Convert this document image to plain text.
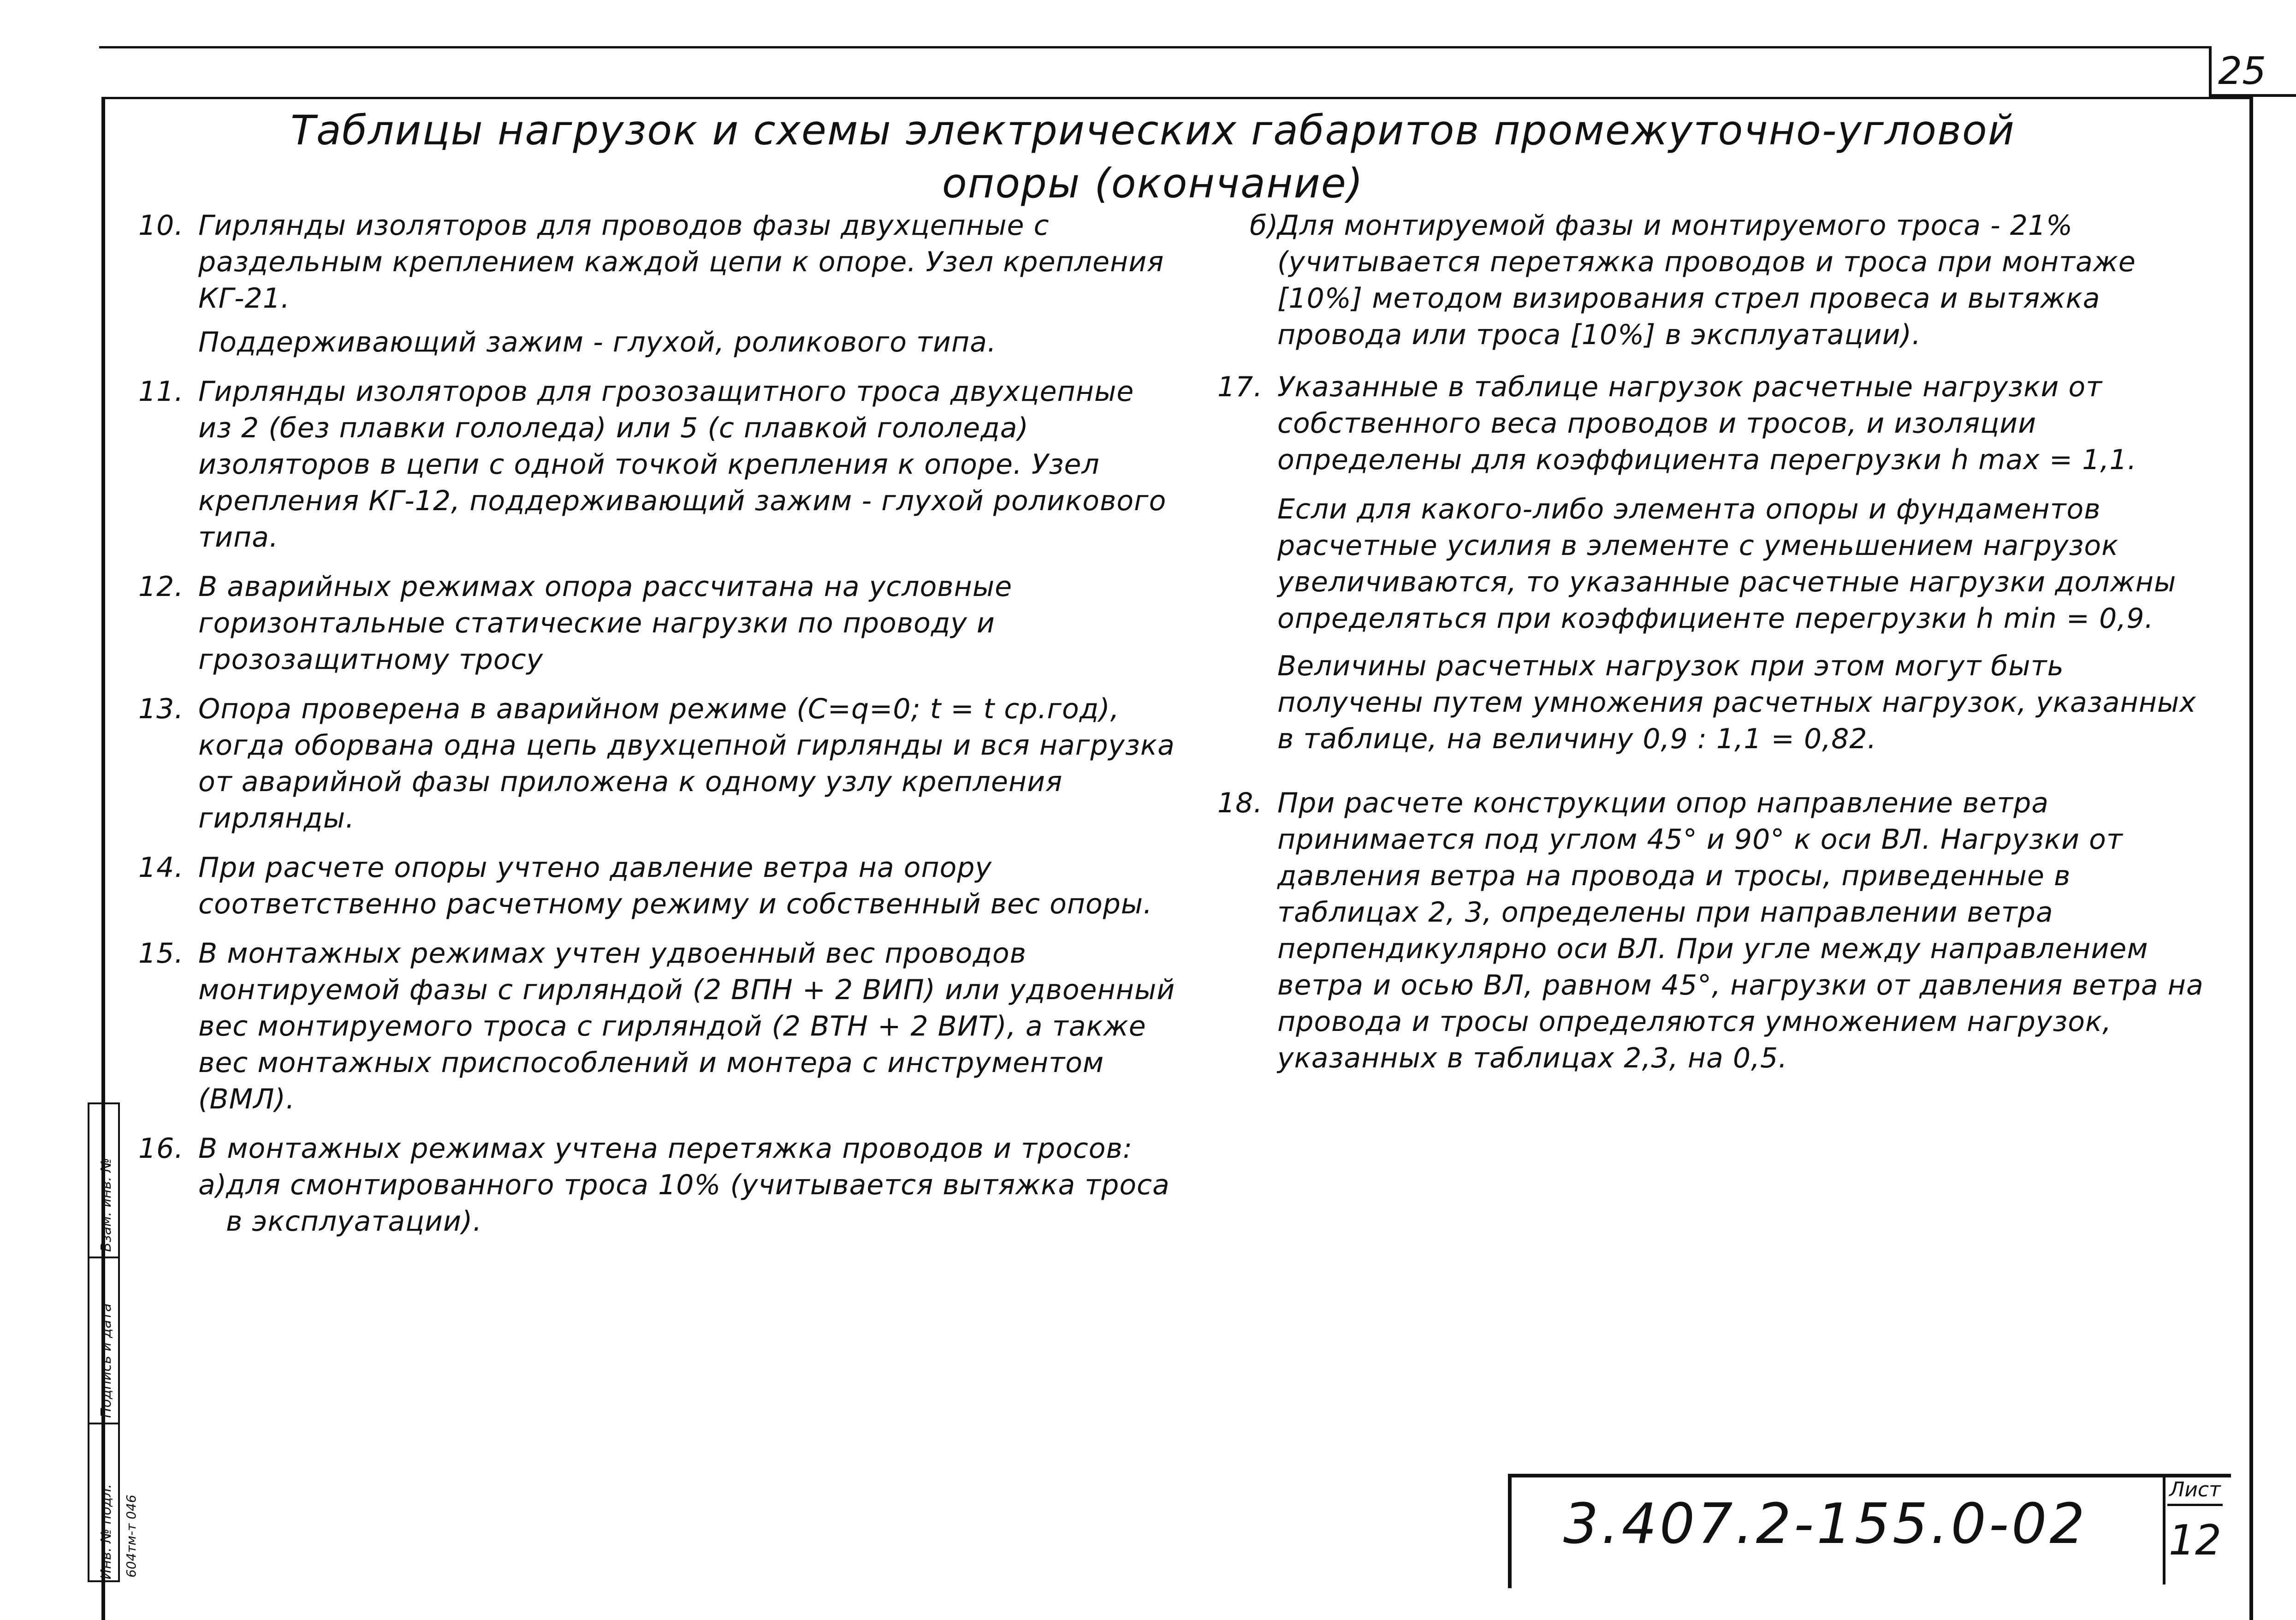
25
Таблицы нагрузок и схемы электрических габаритов промежуточно-угловой
опоры (окончание)
10. Гирлянды изоляторов для проводов фазы двухцепные с раздельным креплением каждой цепи к опоре. Узел крепления КГ-21.
Поддерживающий зажим - глухой, роликового типа.
11. Гирлянды изоляторов для грозозащитного троса двухцепные из 2 (без плавки гололеда) или 5 (с плавкой гололеда) изоляторов в цепи с одной точкой крепления к опоре. Узел крепления КГ-12, поддерживающий зажим - глухой роликового типа.
12. В аварийных режимах опора рассчитана на условные горизонтальные статические нагрузки по проводу и грозозащитному тросу
13. Опора проверена в аварийном режиме (C=q=0; t = t ср.год), когда оборвана одна цепь двухцепной гирлянды и вся нагрузка от аварийной фазы приложена к одному узлу крепления гирлянды.
14. При расчете опоры учтено давление ветра на опору соответственно расчетному режиму и собственный вес опоры.
15. В монтажных режимах учтен удвоенный вес проводов монтируемой фазы с гирляндой (2 ВПН + 2 ВИП) или удвоенный вес монтируемого троса с гирляндой (2 ВТН + 2 ВИТ), а также вес монтажных приспособлений и монтера с инструментом (ВМЛ).
16. В монтажных режимах учтена перетяжка проводов и тросов:
а)
для смонтированного троса 10% (учитывается вытяжка троса в эксплуатации).
б)
Для монтируемой фазы и монтируемого троса - 21% (учитывается перетяжка проводов и троса при монтаже [10%] методом визирования стрел провеса и вытяжка провода или троса [10%] в эксплуатации).
17. Указанные в таблице нагрузок расчетные нагрузки от собственного веса проводов и тросов, и изоляции определены для коэффициента перегрузки h max = 1,1.
Если для какого-либо элемента опоры и фундаментов расчетные усилия в элементе с уменьшением нагрузок увеличиваются, то указанные расчетные нагрузки должны определяться при коэффициенте перегрузки h min = 0,9.
Величины расчетных нагрузок при этом могут быть получены путем умножения расчетных нагрузок, указанных в таблице, на величину 0,9 : 1,1 = 0,82.
18. При расчете конструкции опор направление ветра принимается под углом 45° и 90° к оси ВЛ. Нагрузки от давления ветра на провода и тросы, приведенные в таблицах 2, 3, определены при направлении ветра перпендикулярно оси ВЛ. При угле между направлением ветра и осью ВЛ, равном 45°, нагрузки от давления ветра на провода и тросы определяются умножением нагрузок, указанных в таблицах 2,3, на 0,5.
3.407.2-155.0-02
Лист
12
Взам. инв. №
Подпись и дата
Инв. № подл. 604тм-т 046
